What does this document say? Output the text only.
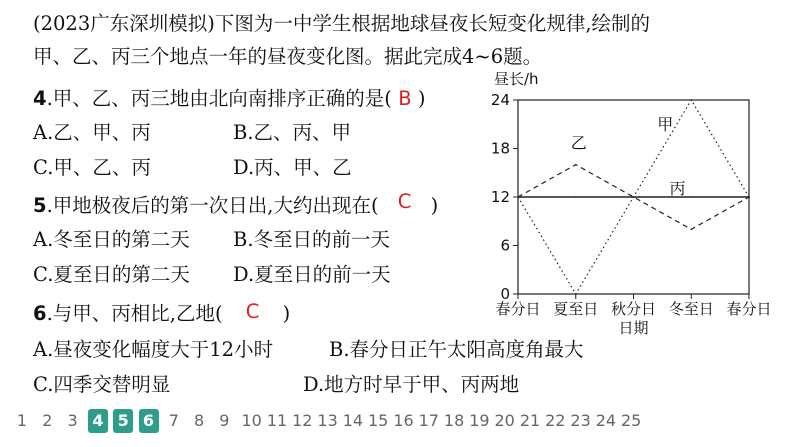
(2023广东深圳模拟)下图为一中学生根据地球昼夜长短变化规律,绘制的
甲、乙、丙三个地点一年的昼夜变化图。据此完成4~6题。
4.甲、乙、丙三地由北向南排序正确的是( B )
A.乙、甲、丙	B.乙、丙、甲
C.甲、乙、丙	D.丙、甲、乙
5.甲地极夜后的第一次日出,大约出现在( C )
A.冬至日的第二天 B.冬至日的前一天
C.夏至日的第二天 D.夏至日的前一天
6.与甲、丙相比,乙地( C )
A.昼夜变化幅度大于12小时	B.春分日正午太阳高度角最大
C.四季交替明显	D.地方时早于甲、丙两地
昼长/h
0
6
12
18
24
春分日 夏至日 秋分日 冬至日 春分日
日期
甲
乙
丙
1 2 3 4 5 6 7 8 9 10 11 12 13 14 15 16 17 18 19 20 21 22 23 24 25
